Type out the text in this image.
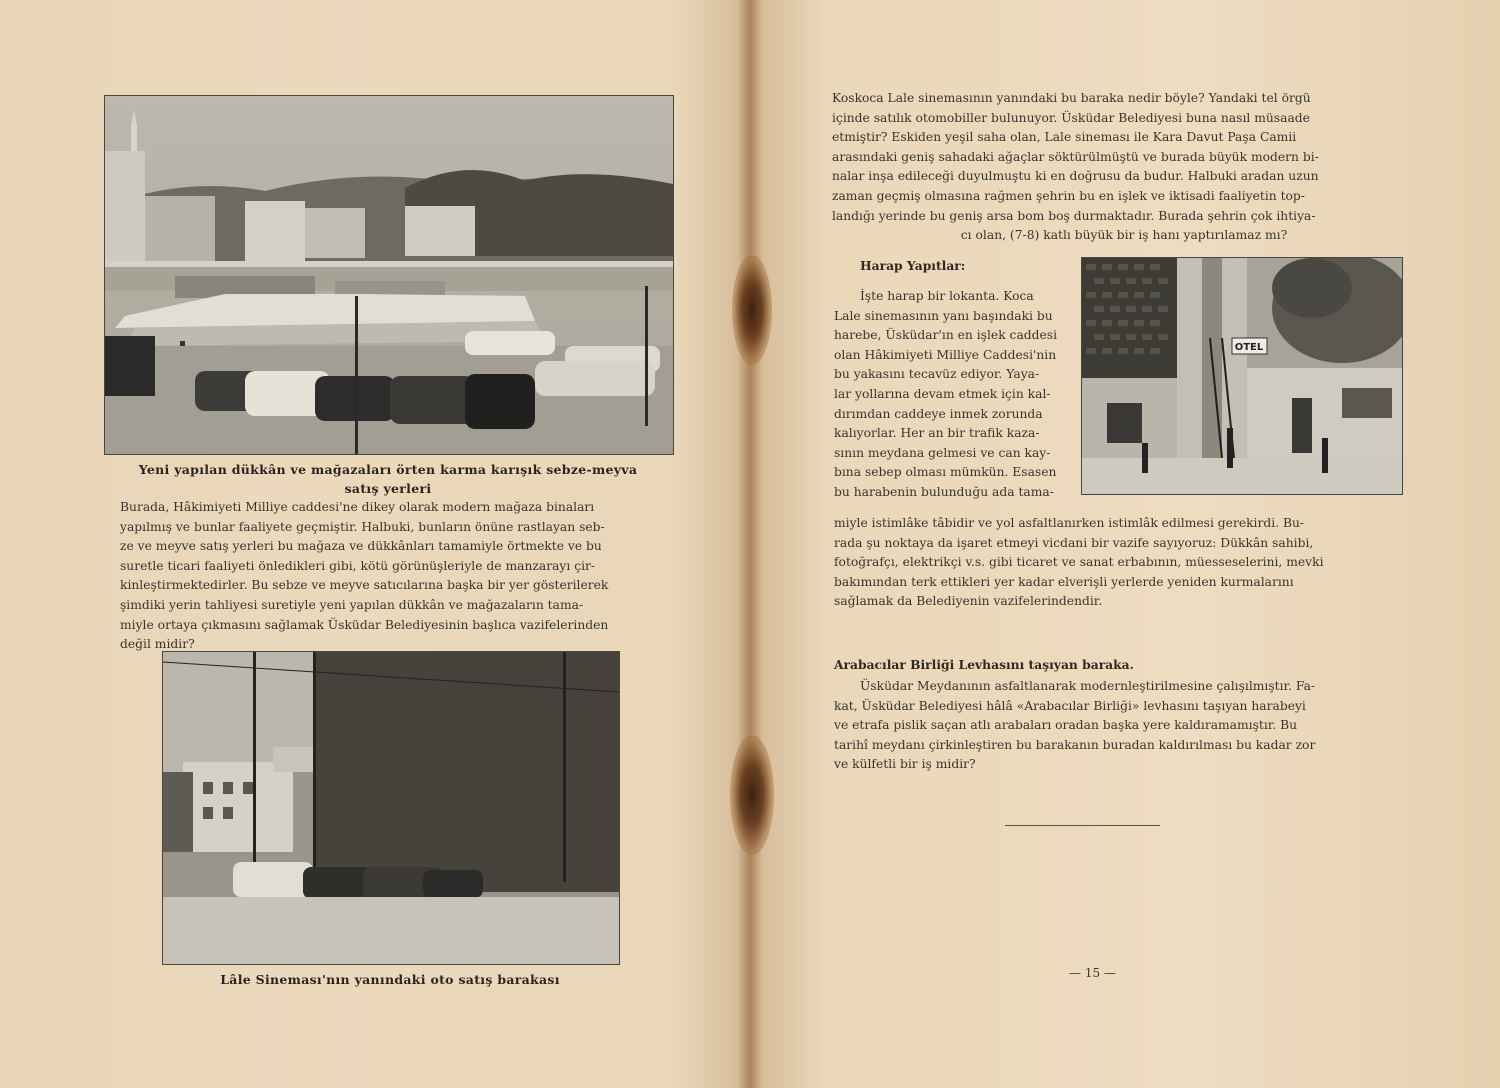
Yeni yapılan dükkân ve mağazaları örten karma karışık sebze-meyva
satış yerleri
Burada, Hâkimiyeti Milliye caddesi'ne dikey olarak modern mağaza binaları
yapılmış ve bunlar faaliyete geçmiştir. Halbuki, bunların önüne rastlayan seb-
ze ve meyve satış yerleri bu mağaza ve dükkânları tamamiyle örtmekte ve bu
suretle ticari faaliyeti önledikleri gibi, kötü görünüşleriyle de manzarayı çir-
kinleştirmektedirler. Bu sebze ve meyve satıcılarına başka bir yer gösterilerek
şimdiki yerin tahliyesi suretiyle yeni yapılan dükkân ve mağazaların tama-
miyle ortaya çıkmasını sağlamak Üsküdar Belediyesinin başlıca vazifelerinden
değil midir?
Lâle Sineması'nın yanındaki oto satış barakası
Koskoca Lale sinemasının yanındaki bu baraka nedir böyle? Yandaki tel örgü
içinde satılık otomobiller bulunuyor. Üsküdar Belediyesi buna nasıl müsaade
etmiştir? Eskiden yeşil saha olan, Lale sineması ile Kara Davut Paşa Camii
arasındaki geniş sahadaki ağaçlar söktürülmüştü ve burada büyük modern bi-
nalar inşa edileceği duyulmuştu ki en doğrusu da budur. Halbuki aradan uzun
zaman geçmiş olmasına rağmen şehrin bu en işlek ve iktisadi faaliyetin top-
landığı yerinde bu geniş arsa bom boş durmaktadır. Burada şehrin çok ihtiya-
cı olan, (7-8) katlı büyük bir iş hanı yaptırılamaz mı?
Harap Yapıtlar:
OTEL
İşte harap bir lokanta. Koca
Lale sinemasının yanı başındaki bu
harebe, Üsküdar'ın en işlek caddesi
olan Hâkimiyeti Milliye Caddesi'nin
bu yakasını tecavüz ediyor. Yaya-
lar yollarına devam etmek için kal-
dırımdan caddeye inmek zorunda
kalıyorlar. Her an bir trafik kaza-
sının meydana gelmesi ve can kay-
bına sebep olması mümkün. Esasen
bu harabenin bulunduğu ada tama-
miyle istimlâke tâbidir ve yol asfaltlanırken istimlâk edilmesi gerekirdi. Bu-
rada şu noktaya da işaret etmeyi vicdani bir vazife sayıyoruz: Dükkân sahibi,
fotoğrafçı, elektrikçi v.s. gibi ticaret ve sanat erbabının, müesseselerini, mevki
bakımından terk ettikleri yer kadar elverişli yerlerde yeniden kurmalarını
sağlamak da Belediyenin vazifelerindendir.
Arabacılar Birliği Levhasını taşıyan baraka.
Üsküdar Meydanının asfaltlanarak modernleştirilmesine çalışılmıştır. Fa-
kat, Üsküdar Belediyesi hâlâ «Arabacılar Birliği» levhasını taşıyan harabeyi
ve etrafa pislik saçan atlı arabaları oradan başka yere kaldıramamıştır. Bu
tarihî meydanı çirkinleştiren bu barakanın buradan kaldırılması bu kadar zor
ve külfetli bir iş midir?
— 15 —
